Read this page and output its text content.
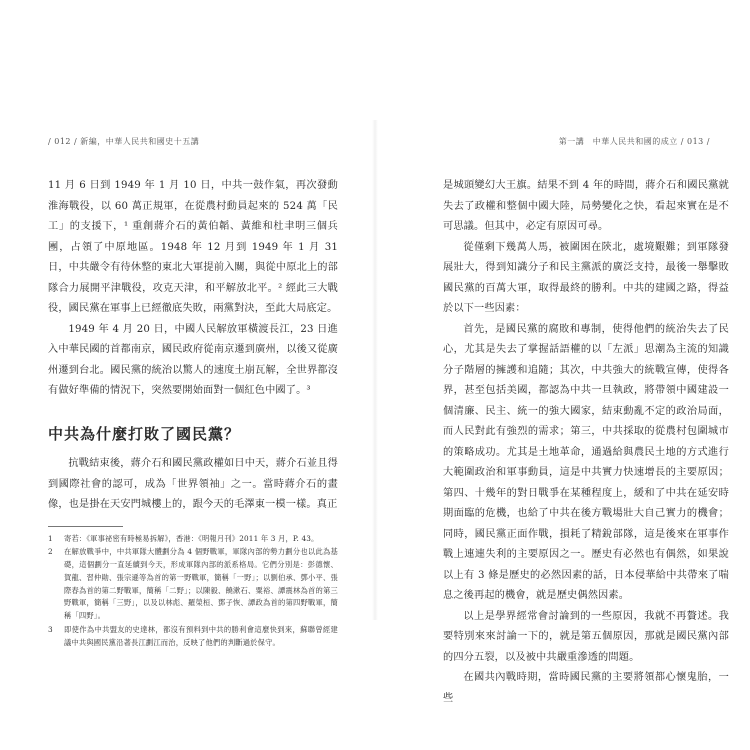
/ 012 / 新編，中華人民共和國史十五講

11 月 6 日到 1949 年 1 月 10 日，中共一鼓作氣，再次發動淮海戰役，以 60 萬正規軍，在從農村動員起來的 524 萬「民工」的支援下，¹ 重創蔣介石的黃伯韜、黃維和杜聿明三個兵團，占領了中原地區。1948 年 12 月到 1949 年 1 月 31 日，中共嚴令有待休整的東北大軍提前入關，與從中原北上的部隊合力展開平津戰役，攻克天津，和平解放北平。² 經此三大戰役，國民黨在軍事上已經徹底失敗，兩黨對決，至此大局底定。

1949 年 4 月 20 日，中國人民解放軍橫渡長江，23 日進入中華民國的首都南京，國民政府從南京遷到廣州，以後又從廣州遷到台北。國民黨的統治以驚人的速度土崩瓦解，全世界都沒有做好準備的情況下，突然要開始面對一個紅色中國了。³

中共為什麼打敗了國民黨？

抗戰結束後，蔣介石和國民黨政權如日中天，蔣介石並且得到國際社會的認可，成為「世界領袖」之一。當時蔣介石的畫像，也是掛在天安門城樓上的，跟今天的毛澤東一模一樣。真正

1	寄若：《軍事祕密有時極易拆解》，香港：《明報月刊》2011 年 3 月，P. 43。
2	在解放戰爭中，中共軍隊大體劃分為 4 個野戰軍，軍隊內部的勢力劃分也以此為基礎，這個劃分一直延續到今天，形成軍隊內部的派系格局。它們分別是：彭德懷、賀龍、習仲勛、張宗遜等為首的第一野戰軍，簡稱「一野」；以劉伯承、鄧小平、張際春為首的第二野戰軍，簡稱「二野」；以陳毅、饒漱石、粟裕、譚震林為首的第三野戰軍，簡稱「三野」，以及以林彪、羅榮桓、鄧子恢、譚政為首的第四野戰軍，簡稱「四野」。
3	即使作為中共盟友的史達林，都沒有預料到中共的勝利會這麼快到來，蘇聯曾經建議中共與國民黨沿著長江劃江而治，反映了他們的判斷過於保守。
第一講　中華人民共和國的成立 / 013 /

是城頭變幻大王旗。結果不到 4 年的時間，蔣介石和國民黨就失去了政權和整個中國大陸，局勢變化之快，看起來實在是不可思議。但其中，必定有原因可尋。

從僅剩下幾萬人馬，被圍困在陝北，處境艱難；到軍隊發展壯大，得到知識分子和民主黨派的廣泛支持，最後一舉擊敗國民黨的百萬大軍，取得最終的勝利。中共的建國之路，得益於以下一些因素：

首先，是國民黨的腐敗和專制，使得他們的統治失去了民心，尤其是失去了掌握話語權的以「左派」思潮為主流的知識分子階層的擁護和追隨；其次，中共強大的統戰宣傳，使得各界，甚至包括美國，都認為中共一旦執政，將帶領中國建設一個清廉、民主、統一的強大國家，結束動亂不定的政治局面，而人民對此有強烈的需求；第三，中共採取的從農村包圍城市的策略成功。尤其是土地革命，通過給與農民土地的方式進行大範圍政治和軍事動員，這是中共實力快速增長的主要原因；第四、十幾年的對日戰爭在某種程度上，緩和了中共在延安時期面臨的危機，也給了中共在後方戰場壯大自己實力的機會；同時，國民黨正面作戰，損耗了精銳部隊，這是後來在軍事作戰上連連失利的主要原因之一。歷史有必然也有偶然，如果說以上有 3 條是歷史的必然因素的話，日本侵華給中共帶來了喘息之後再起的機會，就是歷史偶然因素。

以上是學界經常會討論到的一些原因，我就不再贅述。我要特別來來討論一下的，就是第五個原因，那就是國民黨內部的四分五裂，以及被中共嚴重滲透的問題。

在國共內戰時期，當時國民黨的主要將領都心懷鬼胎，一些
